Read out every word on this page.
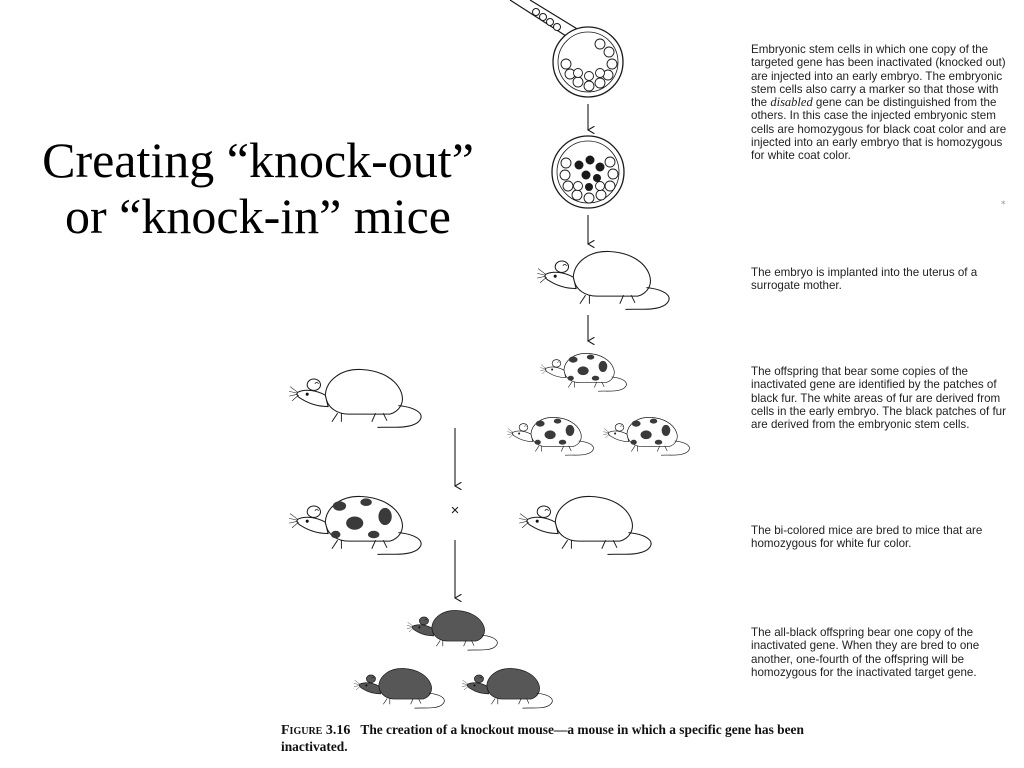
Creating “knock-out”
or “knock-in” mice
×

Embryonic stem cells in which one copy of the targeted gene has been inactivated (knocked out) are injected into an early embryo. The embryonic stem cells also carry a marker so that those with the disabled gene can be distinguished from the others. In this case the injected embryonic stem cells are homozygous for black coat color and are injected into an early embryo that is homozygous for white coat color.

The embryo is implanted into the uterus of a surrogate mother.

The offspring that bear some copies of the inactivated gene are identified by the patches of black fur. The white areas of fur are derived from cells in the early embryo. The black patches of fur are derived from the embryonic stem cells.

The bi-colored mice are bred to mice that are homozygous for white fur color.

The all-black offspring bear one copy of the inactivated gene. When they are bred to one another, one-fourth of the offspring will be homozygous for the inactivated target gene.

Figure 3.16 The creation of a knockout mouse—a mouse in which a specific gene has been inactivated.
⁎
